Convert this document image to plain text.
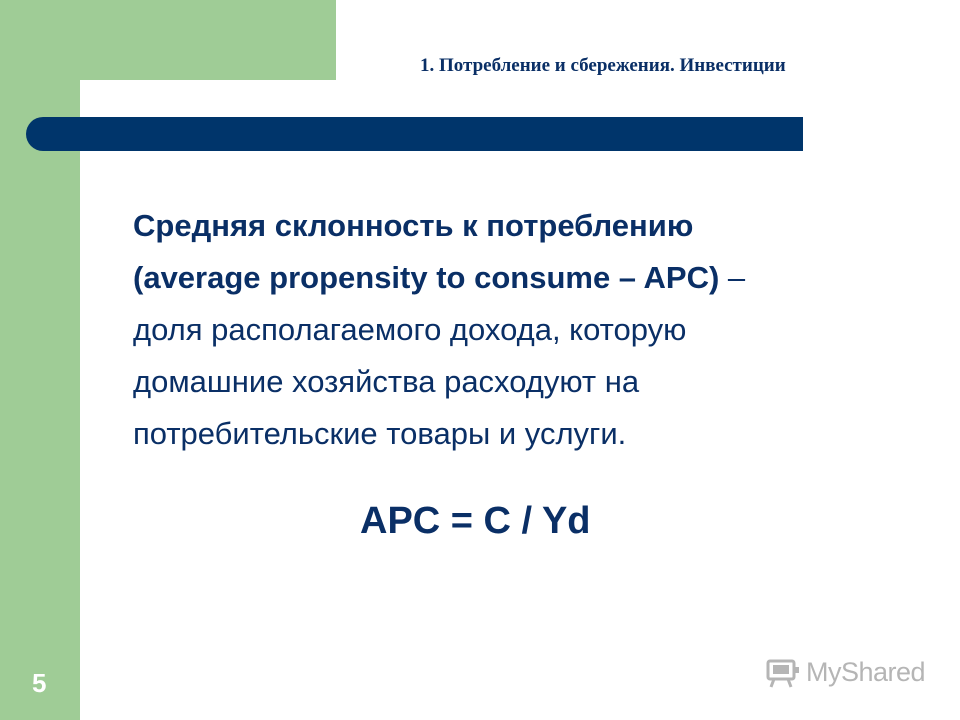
1. Потребление и сбережения. Инвестиции
Средняя склонность к потреблению
(average propensity to consume – APC) –
доля располагаемого дохода, которую
домашние хозяйства расходуют на
потребительские товары и услуги.
APC = C / Yd
5	MyShared
